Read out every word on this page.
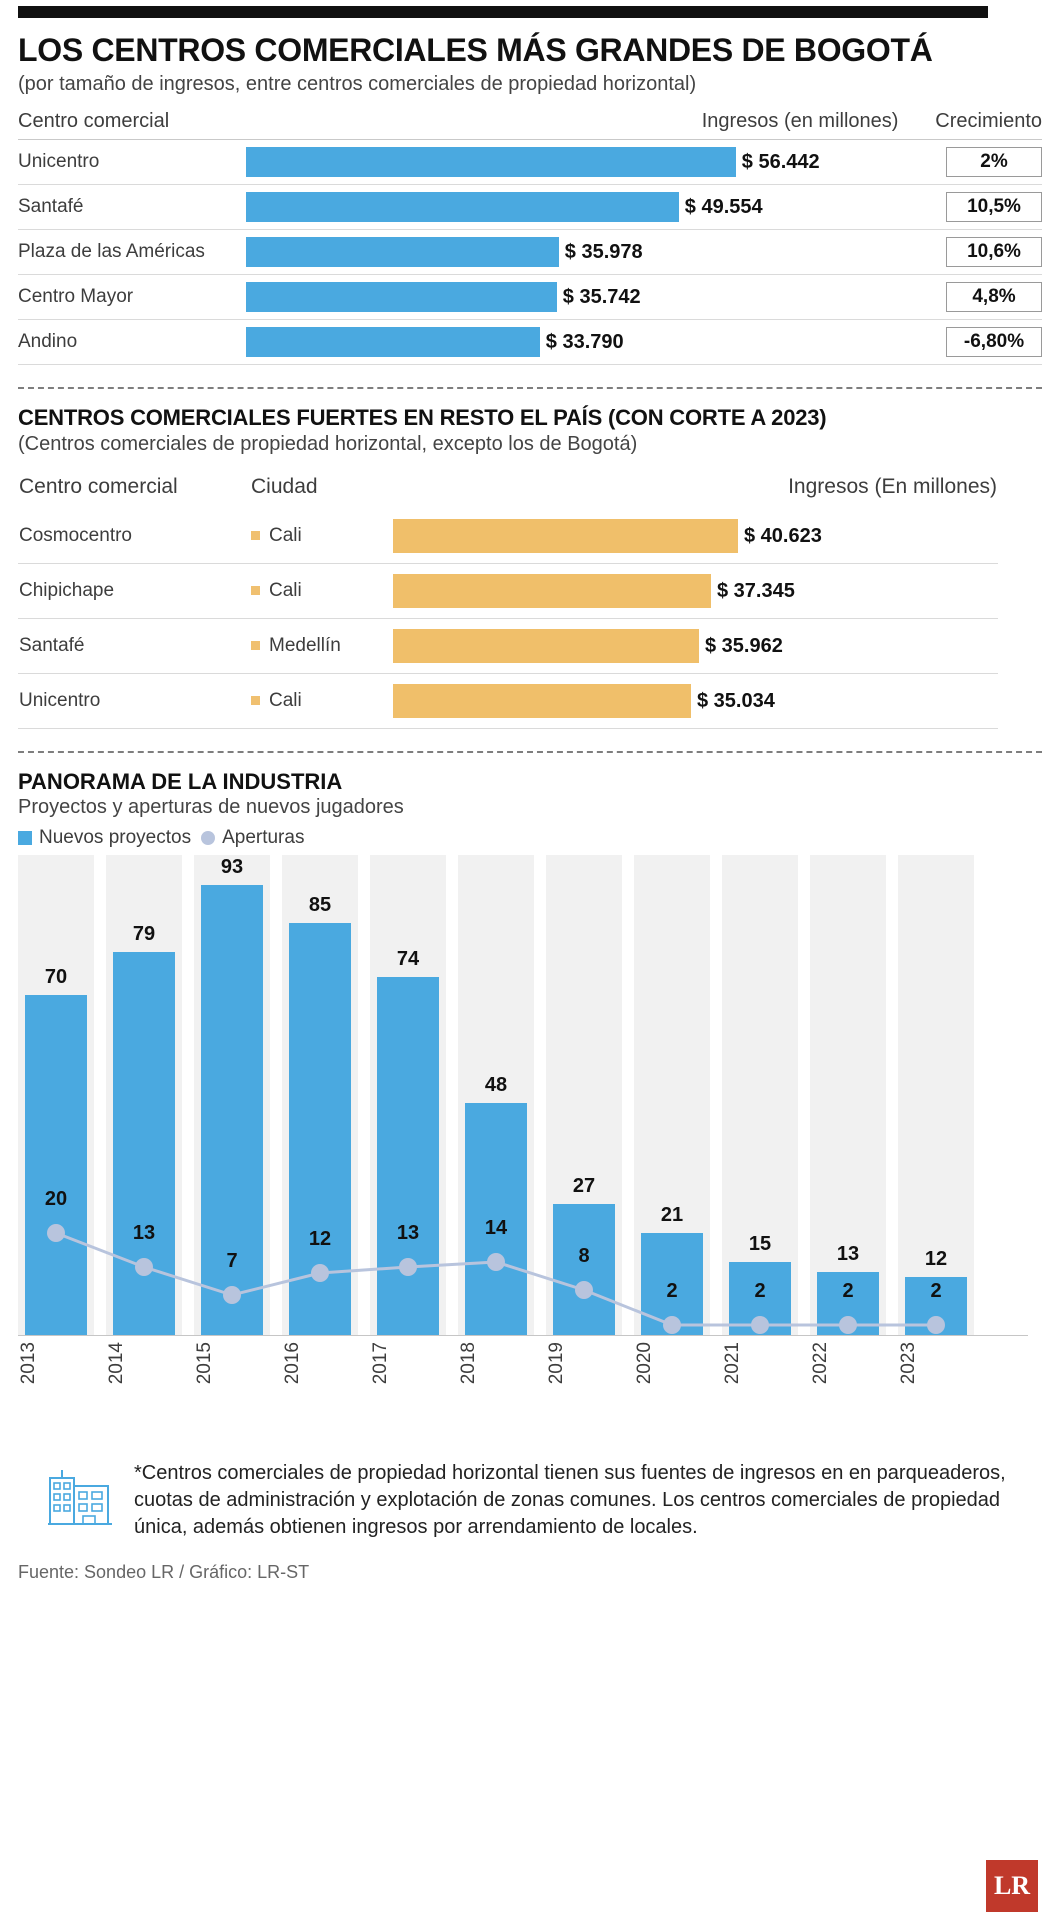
LOS CENTROS COMERCIALES MÁS GRANDES DE BOGOTÁ
(por tamaño de ingresos, entre centros comerciales de propiedad horizontal)
Centro comercial	Ingresos (en millones)	Crecimiento
Unicentro	$ 56.442	2%
Santafé	$ 49.554	10,5%
Plaza de las Américas	$ 35.978	10,6%
Centro Mayor	$ 35.742	4,8%
Andino	$ 33.790	-6,80%
CENTROS COMERCIALES FUERTES EN RESTO EL PAÍS (CON CORTE A 2023)
(Centros comerciales de propiedad horizontal, excepto los de Bogotá)
Centro comercial	Ciudad	Ingresos (En millones)
Cosmocentro	Cali	$ 40.623

Chipichape	Cali	$ 37.345

Santafé	Medellín	$ 35.962

Unicentro	Cali	$ 35.034
PANORAMA DE LA INDUSTRIA
Proyectos y aperturas de nuevos jugadores
Nuevos proyectos Aperturas
70
79
93
85
74
48
27
21
15	13	12
20
13
7
12	13	14
8
2	2	2	2
2013	2014	2015	2016	2017	2018	2019	2020	2021	2022	2023
*Centros comerciales de propiedad horizontal tienen sus fuentes de ingresos en en parqueaderos, cuotas de administración y explotación de zonas comunes. Los centros comerciales de propiedad única, además obtienen ingresos por arrendamiento de locales.
Fuente: Sondeo LR / Gráfico: LR-ST
LR
